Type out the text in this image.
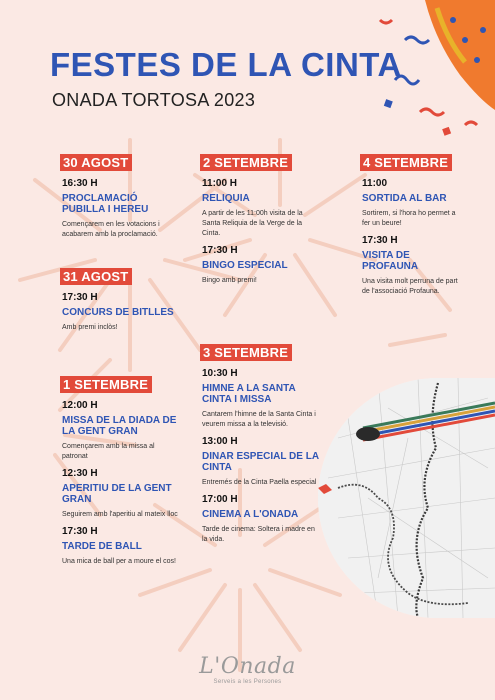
FESTES DE LA CINTA
ONADA TORTOSA 2023
30 AGOST
16:30 H
PROCLAMACIÓ PUBILLA I HEREU
Començarem en les votacions i acabarem amb la proclamació.
31 AGOST
17:30 H
CONCURS DE BITLLES
Amb premi inclòs!
1 SETEMBRE
12:00 H
MISSA DE LA DIADA DE LA GENT GRAN
Començarem amb la missa al patronat
12:30 H
APERITIU DE LA GENT GRAN
Seguirem amb l'aperitiu al mateix lloc
17:30 H
TARDE DE BALL
Una mica de ball per a moure el cos!
2 SETEMBRE
11:00 H
RELIQUIA
A partir de les 11:00h visita de la Santa Reliquia de la Verge de la Cinta.
17:30 H
BINGO ESPECIAL
Bingo amb premi!
3 SETEMBRE
10:30 H
HIMNE A LA SANTA CINTA I MISSA
Cantarem l'himne de la Santa Cinta i veurem missa a la televisió.
13:00 H
DINAR ESPECIAL DE LA CINTA
Entremés de la Cinta Paella especial
17:00 H
CINEMA A L'ONADA
Tarde de cinema: Soltera i madre en la vida.
4 SETEMBRE
11:00
SORTIDA AL BAR
Sortirem, si l'hora ho permet a fer un beure!
17:30 H
VISITA DE PROFAUNA
Una visita molt perruna de part de l'associació Profauna.
L'Onada
Serveis a les Persones
